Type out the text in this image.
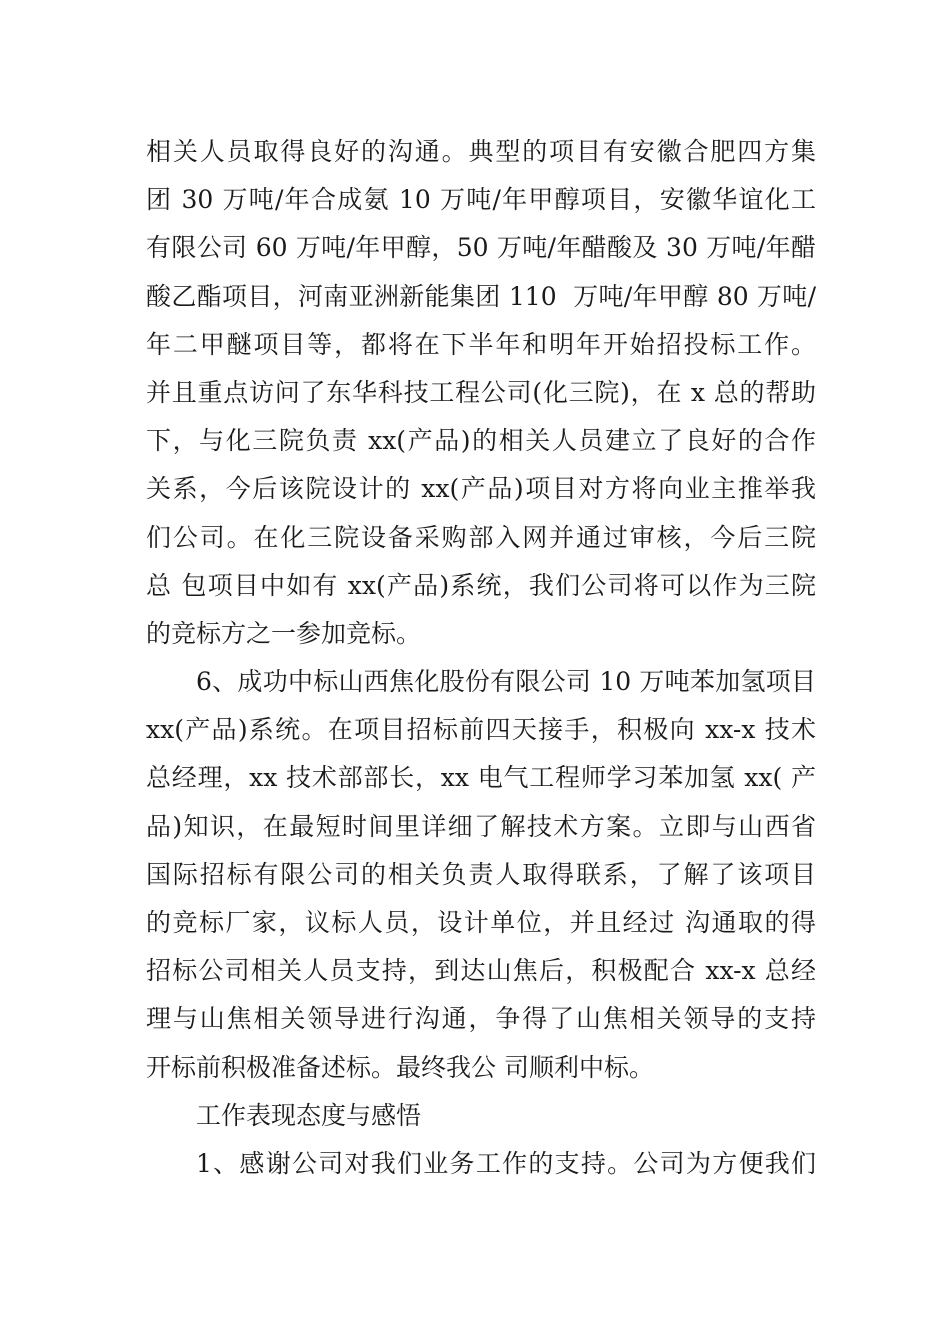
相关人员取得良好的沟通。典型的项目有安徽合肥四方集
团 30 万吨/年合成氨 10 万吨/年甲醇项目，安徽华谊化工
有限公司 60 万吨/年甲醇，50 万吨/年醋酸及 30 万吨/年醋
酸乙酯项目，河南亚洲新能集团 110  万吨/年甲醇 80 万吨/
年二甲醚项目等，都将在下半年和明年开始招投标工作。
并且重点访问了东华科技工程公司(化三院)，在 x 总的帮助
下，与化三院负责 xx(产品)的相关人员建立了良好的合作
关系，今后该院设计的 xx(产品)项目对方将向业主推举我
们公司。在化三院设备采购部入网并通过审核，今后三院
总 包项目中如有 xx(产品)系统，我们公司将可以作为三院
的竞标方之一参加竞标。
6、成功中标山西焦化股份有限公司 10 万吨苯加氢项目
xx(产品)系统。在项目招标前四天接手，积极向 xx-x 技术
总经理，xx 技术部部长，xx 电气工程师学习苯加氢 xx( 产
品)知识，在最短时间里详细了解技术方案。立即与山西省
国际招标有限公司的相关负责人取得联系，了解了该项目
的竞标厂家，议标人员，设计单位，并且经过 沟通取的得
招标公司相关人员支持，到达山焦后，积极配合 xx-x 总经
理与山焦相关领导进行沟通，争得了山焦相关领导的支持
开标前积极准备述标。最终我公 司顺利中标。
工作表现态度与感悟
1、感谢公司对我们业务工作的支持。公司为方便我们
